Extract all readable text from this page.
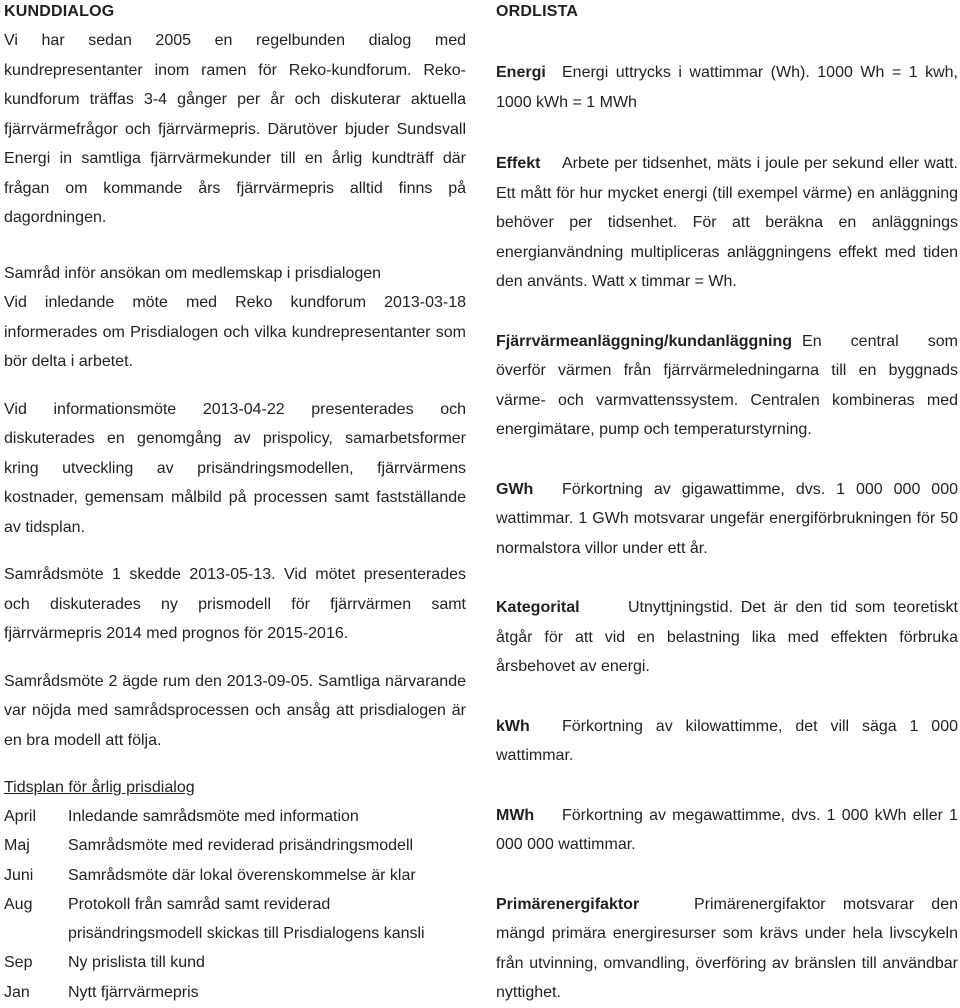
KUNDDIALOG

Vi har sedan 2005 en regelbunden dialog med kundrepresentanter inom ramen för Reko-kundforum. Reko-kundforum träffas 3-4 gånger per år och diskuterar aktuella fjärrvärmefrågor och fjärrvärmepris. Därutöver bjuder Sundsvall Energi in samtliga fjärrvärmekunder till en årlig kundträff där frågan om kommande års fjärrvärmepris alltid finns på dagordningen.

Samråd inför ansökan om medlemskap i prisdialogen

Vid inledande möte med Reko kundforum 2013-03-18 informerades om Prisdialogen och vilka kundrepresentanter som bör delta i arbetet.

Vid informationsmöte 2013-04-22 presenterades och diskuterades en genomgång av prispolicy, samarbetsformer kring utveckling av prisändringsmodellen, fjärrvärmens kostnader, gemensam målbild på processen samt fastställande av tidsplan.

Samrådsmöte 1 skedde 2013-05-13. Vid mötet presenterades och diskuterades ny prismodell för fjärrvärmen samt fjärrvärmepris 2014 med prognos för 2015-2016.

Samrådsmöte 2 ägde rum den 2013-09-05. Samtliga närvarande var nöjda med samrådsprocessen och ansåg att prisdialogen är en bra modell att följa.

Tidsplan för årlig prisdialog

April	Inledande samrådsmöte med information
Maj	Samrådsmöte med reviderad prisändringsmodell
Juni	Samrådsmöte där lokal överenskommelse är klar
Aug	Protokoll från samråd samt reviderad prisändringsmodell skickas till Prisdialogens kansli
Sep	Ny prislista till kund
Jan	Nytt fjärrvärmepris
ORDLISTA

Energi Energi uttrycks i wattimmar (Wh). 1000 Wh = 1 kwh, 1000 kWh = 1 MWh

Effekt Arbete per tidsenhet, mäts i joule per sekund eller watt. Ett mått för hur mycket energi (till exempel värme) en anläggning behöver per tidsenhet. För att beräkna en anläggnings energianvändning multipliceras anläggningens effekt med tiden den använts. Watt x timmar = Wh.

Fjärrvärmeanläggning/kundanläggning En central som överför värmen från fjärrvärmeledningarna till en byggnads värme- och varmvattenssystem. Centralen kombineras med energimätare, pump och temperaturstyrning.

GWh Förkortning av gigawattimme, dvs. 1 000 000 000 wattimmar. 1 GWh motsvarar ungefär energiförbrukningen för 50 normalstora villor under ett år.

Kategorital	Utnyttjningstid. Det är den tid som teoretiskt åtgår för att vid en belastning lika med effekten förbruka årsbehovet av energi.

kWh Förkortning av kilowattimme, det vill säga 1 000 wattimmar.

MWh Förkortning av megawattimme, dvs. 1 000 kWh eller 1 000 000 wattimmar.

Primärenergifaktor	Primärenergifaktor motsvarar den mängd primära energiresurser som krävs under hela livscykeln från utvinning, omvandling, överföring av bränslen till användbar nyttighet.
